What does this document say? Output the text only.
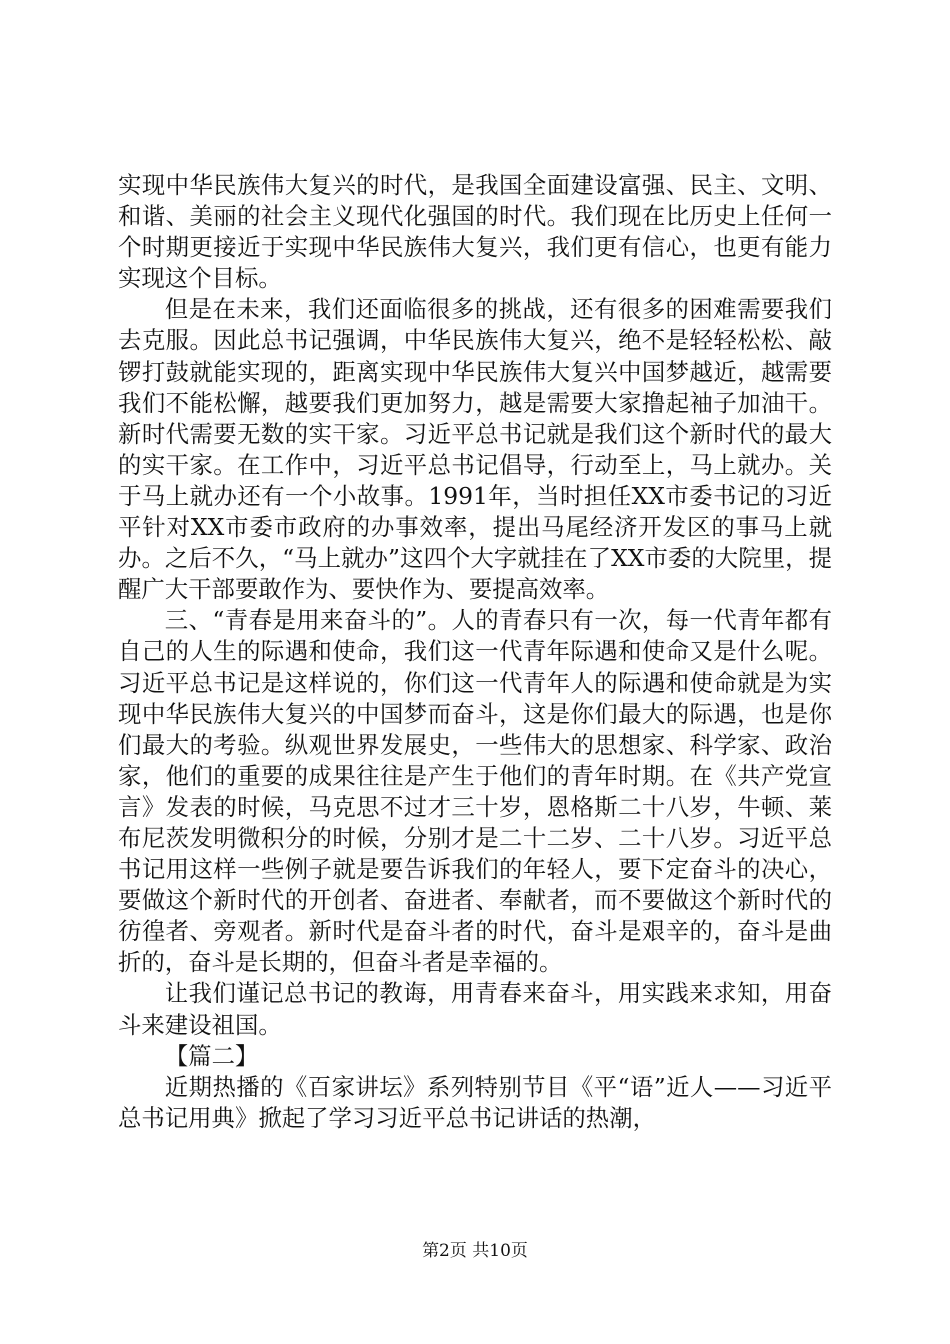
实现中华民族伟大复兴的时代，是我国全面建设富强、民主、文明、和谐、美丽的社会主义现代化强国的时代。我们现在比历史上任何一个时期更接近于实现中华民族伟大复兴，我们更有信心，也更有能力实现这个目标。

但是在未来，我们还面临很多的挑战，还有很多的困难需要我们去克服。因此总书记强调，中华民族伟大复兴，绝不是轻轻松松、敲锣打鼓就能实现的，距离实现中华民族伟大复兴中国梦越近，越需要我们不能松懈，越要我们更加努力，越是需要大家撸起袖子加油干。新时代需要无数的实干家。习近平总书记就是我们这个新时代的最大的实干家。在工作中，习近平总书记倡导，行动至上，马上就办。关于马上就办还有一个小故事。1991年，当时担任XX市委书记的习近平针对XX市委市政府的办事效率，提出马尾经济开发区的事马上就办。之后不久，“马上就办”这四个大字就挂在了XX市委的大院里，提醒广大干部要敢作为、要快作为、要提高效率。

三、“青春是用来奋斗的”。人的青春只有一次，每一代青年都有自己的人生的际遇和使命，我们这一代青年际遇和使命又是什么呢。习近平总书记是这样说的，你们这一代青年人的际遇和使命就是为实现中华民族伟大复兴的中国梦而奋斗，这是你们最大的际遇，也是你们最大的考验。纵观世界发展史，一些伟大的思想家、科学家、政治家，他们的重要的成果往往是产生于他们的青年时期。在《共产党宣言》发表的时候，马克思不过才三十岁，恩格斯二十八岁，牛顿、莱布尼茨发明微积分的时候，分别才是二十二岁、二十八岁。习近平总书记用这样一些例子就是要告诉我们的年轻人，要下定奋斗的决心，要做这个新时代的开创者、奋进者、奉献者，而不要做这个新时代的彷徨者、旁观者。新时代是奋斗者的时代，奋斗是艰辛的，奋斗是曲折的，奋斗是长期的，但奋斗者是幸福的。

让我们谨记总书记的教诲，用青春来奋斗，用实践来求知，用奋斗来建设祖国。

【篇二】

近期热播的《百家讲坛》系列特别节目《平“语”近人——习近平总书记用典》掀起了学习习近平总书记讲话的热潮，

第2页 共10页
